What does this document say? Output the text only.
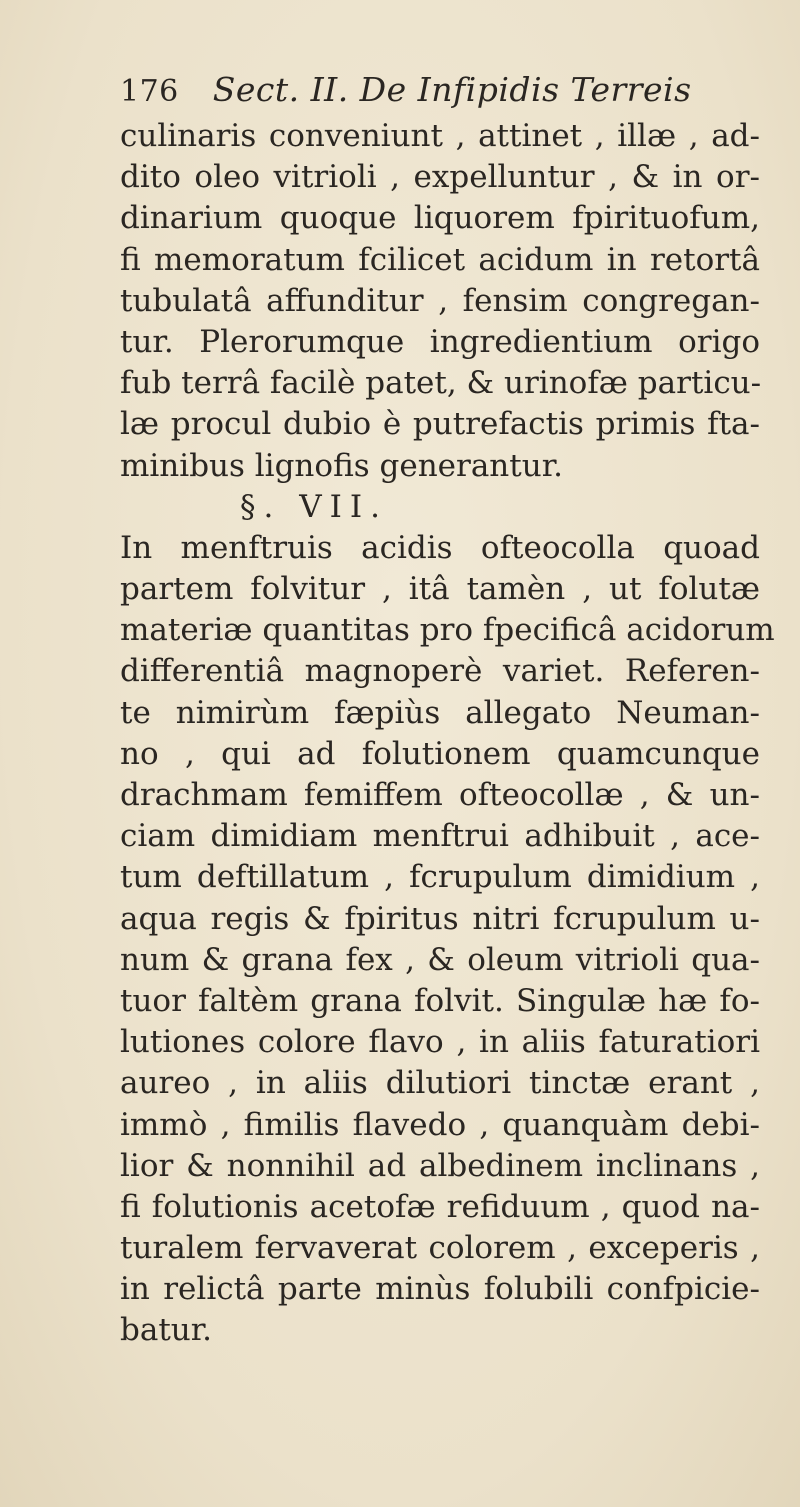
176 Sect. II. De Infipidis Terreis
culinaris conveniunt , attinet , illæ , ad-
dito oleo vitrioli , expelluntur , & in or-
dinarium quoque liquorem fpirituofum,
fi memoratum fcilicet acidum in retortâ
tubulatâ affunditur , fensim congregan-
tur. Plerorumque ingredientium origo
fub terrâ facilè patet, & urinofæ particu-
læ procul dubio è putrefactis primis fta-
minibus lignofis generantur.
§. VII.
In menftruis acidis ofteocolla quoad
partem folvitur , itâ tamèn , ut folutæ
materiæ quantitas pro fpecificâ acidorum
differentiâ magnoperè variet. Referen-
te nimirùm fæpiùs allegato Neuman-
no , qui ad folutionem quamcunque
drachmam femiffem ofteocollæ , & un-
ciam dimidiam menftrui adhibuit , ace-
tum deftillatum , fcrupulum dimidium ,
aqua regis & fpiritus nitri fcrupulum u-
num & grana fex , & oleum vitrioli qua-
tuor faltèm grana folvit. Singulæ hæ fo-
lutiones colore flavo , in aliis faturatiori
aureo , in aliis dilutiori tinctæ erant ,
immò , fimilis flavedo , quanquàm debi-
lior & nonnihil ad albedinem inclinans ,
fi folutionis acetofæ refiduum , quod na-
turalem fervaverat colorem , exceperis ,
in relictâ parte minùs folubili confpicie-
batur.
